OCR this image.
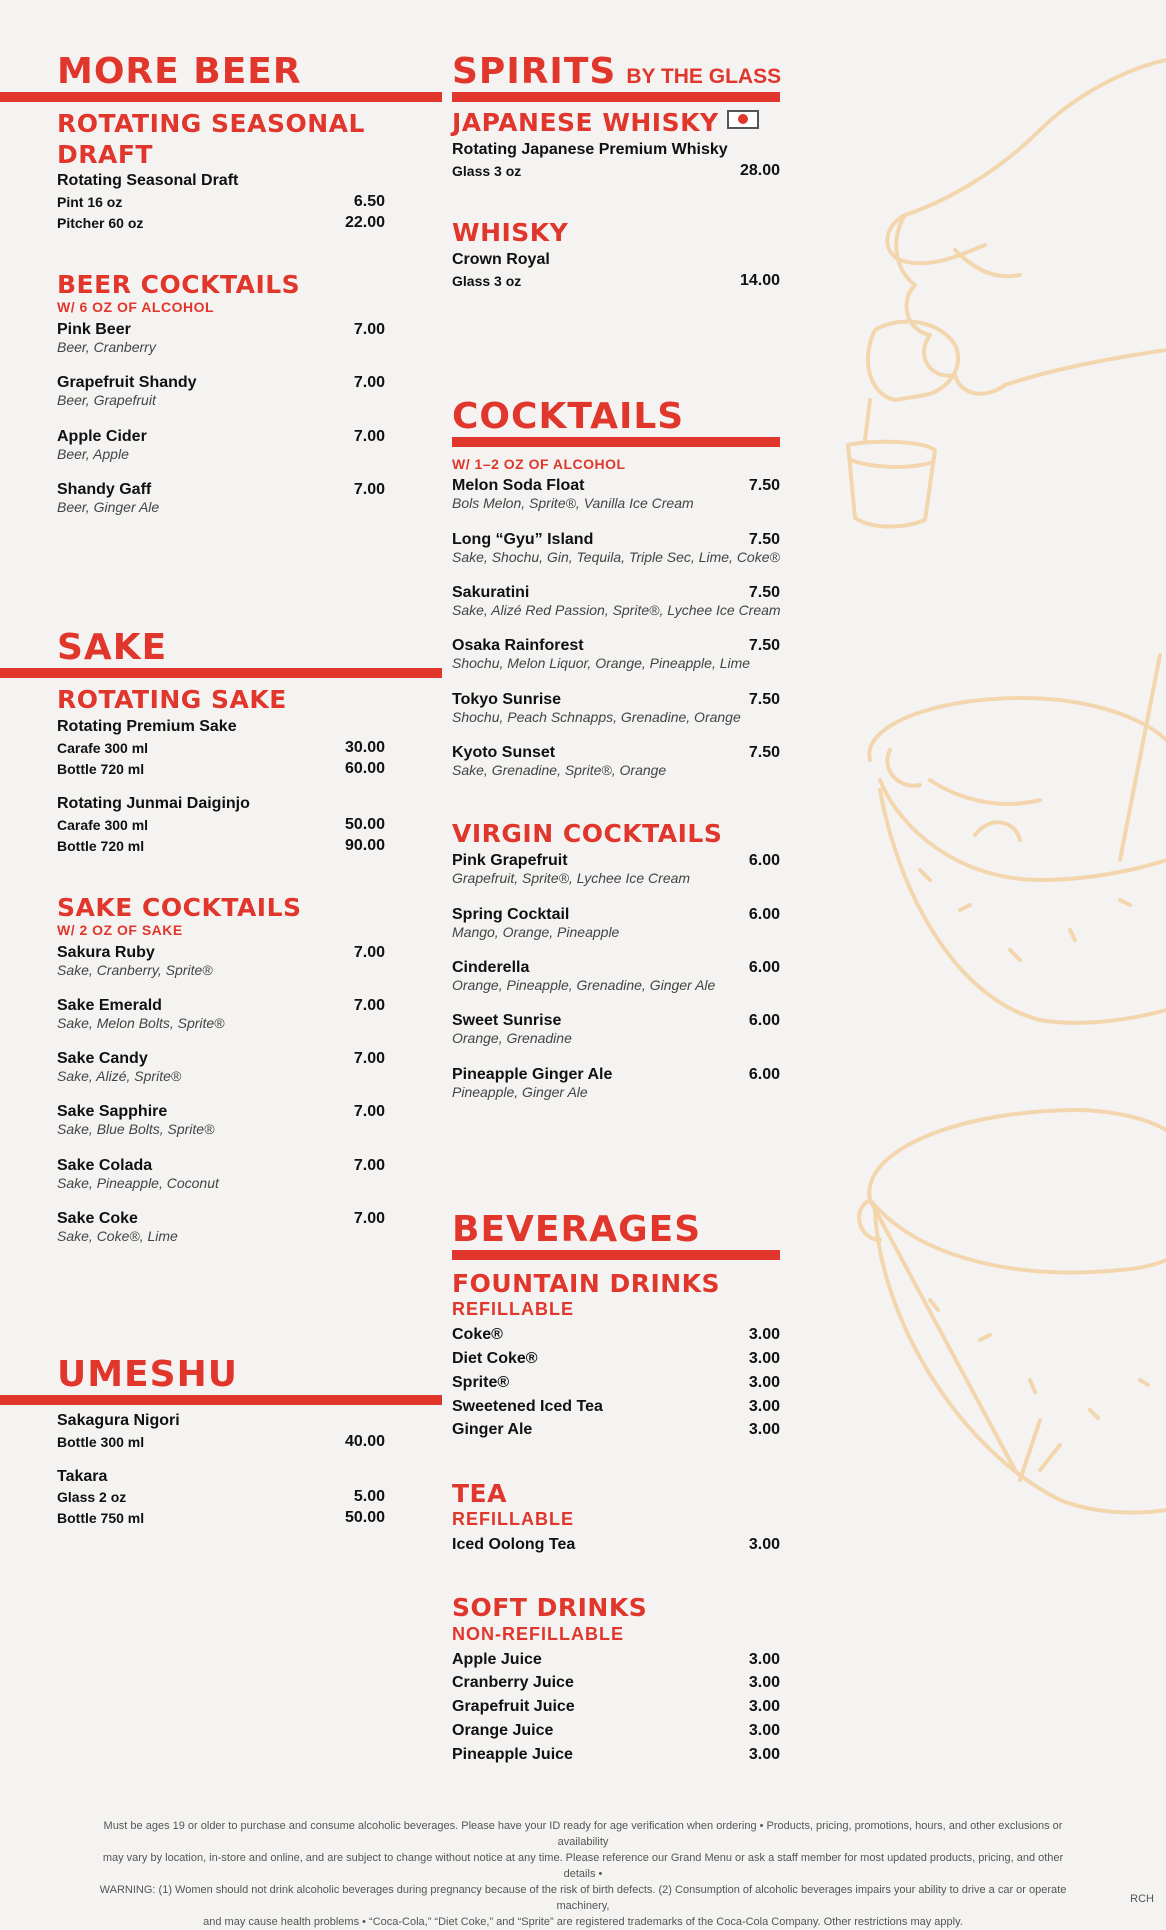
MORE BEER
ROTATING SEASONAL DRAFT
Rotating Seasonal Draft
Pint 16 oz	6.50
Pitcher 60 oz	22.00
BEER COCKTAILS
W/ 6 OZ OF ALCOHOL
Pink Beer	7.00
Beer, Cranberry
Grapefruit Shandy	7.00
Beer, Grapefruit
Apple Cider	7.00
Beer, Apple
Shandy Gaff	7.00
Beer, Ginger Ale
SAKE
ROTATING SAKE
Rotating Premium Sake
Carafe 300 ml	30.00
Bottle 720 ml	60.00
Rotating Junmai Daiginjo
Carafe 300 ml	50.00
Bottle 720 ml	90.00
SAKE COCKTAILS
W/ 2 OZ OF SAKE
Sakura Ruby	7.00
Sake, Cranberry, Sprite®
Sake Emerald	7.00
Sake, Melon Bolts, Sprite®
Sake Candy	7.00
Sake, Alizé, Sprite®
Sake Sapphire	7.00
Sake, Blue Bolts, Sprite®
Sake Colada	7.00
Sake, Pineapple, Coconut
Sake Coke	7.00
Sake, Coke®, Lime
UMESHU
Sakagura Nigori
Bottle 300 ml	40.00
Takara
Glass 2 oz	5.00
Bottle 750 ml	50.00
SPIRITS BY THE GLASS
JAPANESE WHISKY
Rotating Japanese Premium Whisky
Glass 3 oz	28.00
WHISKY
Crown Royal
Glass 3 oz	14.00
COCKTAILS
W/ 1–2 OZ OF ALCOHOL
Melon Soda Float	7.50
Bols Melon, Sprite®, Vanilla Ice Cream
Long “Gyu” Island	7.50
Sake, Shochu, Gin, Tequila, Triple Sec, Lime, Coke®
Sakuratini	7.50
Sake, Alizé Red Passion, Sprite®, Lychee Ice Cream
Osaka Rainforest	7.50
Shochu, Melon Liquor, Orange, Pineapple, Lime
Tokyo Sunrise	7.50
Shochu, Peach Schnapps, Grenadine, Orange
Kyoto Sunset	7.50
Sake, Grenadine, Sprite®, Orange
VIRGIN COCKTAILS
Pink Grapefruit	6.00
Grapefruit, Sprite®, Lychee Ice Cream
Spring Cocktail	6.00
Mango, Orange, Pineapple
Cinderella	6.00
Orange, Pineapple, Grenadine, Ginger Ale
Sweet Sunrise	6.00
Orange, Grenadine
Pineapple Ginger Ale	6.00
Pineapple, Ginger Ale
BEVERAGES
FOUNTAIN DRINKS
REFILLABLE
Coke®	3.00
Diet Coke®	3.00
Sprite®	3.00
Sweetened Iced Tea	3.00
Ginger Ale	3.00
TEA
REFILLABLE
Iced Oolong Tea	3.00
SOFT DRINKS
NON-REFILLABLE
Apple Juice	3.00
Cranberry Juice	3.00
Grapefruit Juice	3.00
Orange Juice	3.00
Pineapple Juice	3.00
Must be ages 19 or older to purchase and consume alcoholic beverages. Please have your ID ready for age verification when ordering • Products, pricing, promotions, hours, and other exclusions or availability
may vary by location, in-store and online, and are subject to change without notice at any time. Please reference our Grand Menu or ask a staff member for most updated products, pricing, and other details •
WARNING: (1) Women should not drink alcoholic beverages during pregnancy because of the risk of birth defects. (2) Consumption of alcoholic beverages impairs your ability to drive a car or operate machinery,
and may cause health problems • “Coca-Cola,” “Diet Coke,” and “Sprite” are registered trademarks of the Coca-Cola Company. Other restrictions may apply.
RCH
